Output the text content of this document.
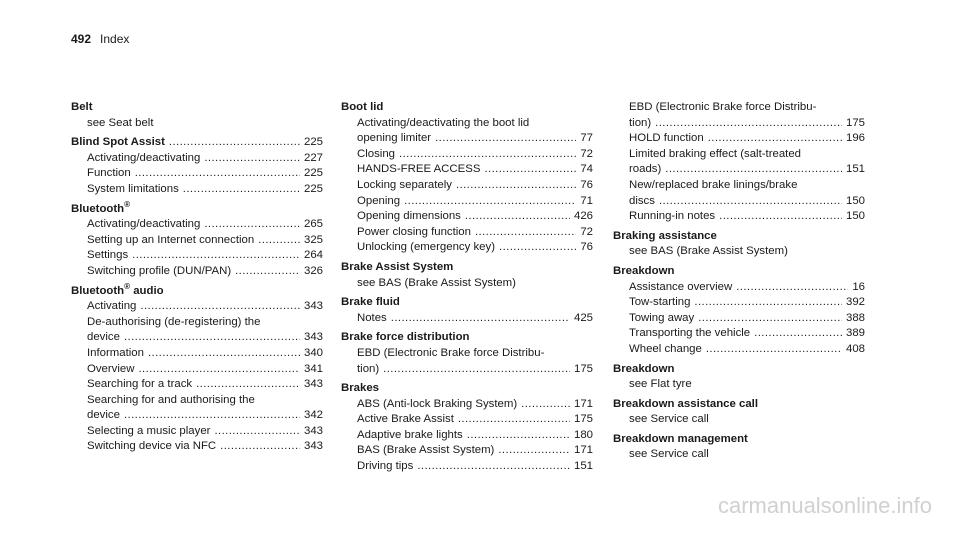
492 Index
Belt
see Seat belt
Blind Spot Assist .....	225
Activating/deactivating .....	227
Function .....	225
System limitations .....	225
Bluetooth®
Activating/deactivating .....	265
Setting up an Internet connection .....	325
Settings .....	264
Switching profile (DUN/PAN) .....	326
Bluetooth® audio
Activating .....	343
De-authorising (de-registering) the
device .....	343
Information .....	340
Overview .....	341
Searching for a track .....	343
Searching for and authorising the
device .....	342
Selecting a music player .....	343
Switching device via NFC .....	343
Boot lid
Activating/deactivating the boot lid
opening limiter .....	77
Closing .....	72
HANDS-FREE ACCESS .....	74
Locking separately .....	76
Opening .....	71
Opening dimensions .....	426
Power closing function .....	72
Unlocking (emergency key) .....	76
Brake Assist System
see BAS (Brake Assist System)
Brake fluid
Notes .....	425
Brake force distribution
EBD (Electronic Brake force Distribu-
tion) .....	175
Brakes
ABS (Anti-lock Braking System) .....	171
Active Brake Assist .....	175
Adaptive brake lights .....	180
BAS (Brake Assist System) .....	171
Driving tips .....	151
EBD (Electronic Brake force Distribu-
tion) .....	175
HOLD function .....	196
Limited braking effect (salt-treated
roads) .....	151
New/replaced brake linings/brake
discs .....	150
Running-in notes .....	150
Braking assistance
see BAS (Brake Assist System)
Breakdown
Assistance overview .....	16
Tow-starting .....	392
Towing away .....	388
Transporting the vehicle .....	389
Wheel change .....	408
Breakdown
see Flat tyre
Breakdown assistance call
see Service call
Breakdown management
see Service call
carmanualsonline.info
